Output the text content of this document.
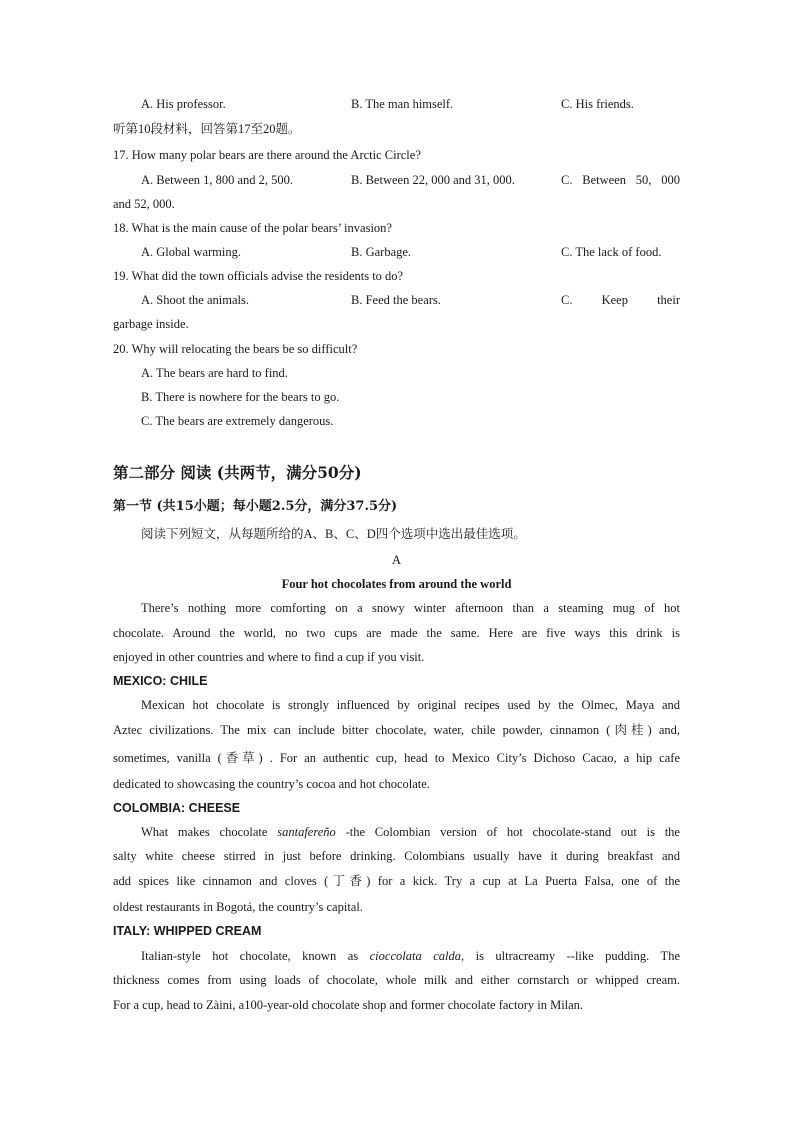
A. His professor.	B. The man himself.	C. His friends.
听第10段材料，回答第17至20题。
17. How many polar bears are there around the Arctic Circle?
A. Between 1, 800 and 2, 500.	B. Between 22, 000 and 31, 000.	C. Between 50, 000
and 52, 000.
18. What is the main cause of the polar bears’ invasion?
A. Global warming.	B. Garbage.	C. The lack of food.
19. What did the town officials advise the residents to do?
A. Shoot the animals.	B. Feed the bears.	C. Keep their
garbage inside.
20. Why will relocating the bears be so difficult?
A. The bears are hard to find.
B. There is nowhere for the bears to go.
C. The bears are extremely dangerous.
第二部分 阅读 (共两节，满分50分)
第一节 (共15小题；每小题2.5分，满分37.5分)
阅读下列短文，从每题所给的A、B、C、D四个选项中选出最佳选项。
A
Four hot chocolates from around the world
There’s nothing more comforting on a snowy winter afternoon than a steaming mug of hot
chocolate. Around the world, no two cups are made the same. Here are five ways this drink is
enjoyed in other countries and where to find a cup if you visit.
MEXICO: CHILE
Mexican hot chocolate is strongly influenced by original recipes used by the Olmec, Maya and
Aztec civilizations. The mix can include bitter chocolate, water, chile powder, cinnamon (肉桂) and,
sometimes, vanilla (香草) . For an authentic cup, head to Mexico City’s Dichoso Cacao, a hip cafe
dedicated to showcasing the country’s cocoa and hot chocolate.
COLOMBIA: CHEESE
What makes chocolate santafereño -the Colombian version of hot chocolate-stand out is the
salty white cheese stirred in just before drinking. Colombians usually have it during breakfast and
add spices like cinnamon and cloves (丁香) for a kick. Try a cup at La Puerta Falsa, one of the
oldest restaurants in Bogotá, the country’s capital.
ITALY: WHIPPED CREAM
Italian-style hot chocolate, known as cioccolata calda, is ultracreamy --like pudding. The
thickness comes from using loads of chocolate, whole milk and either cornstarch or whipped cream.
For a cup, head to Zàini, a100-year-old chocolate shop and former chocolate factory in Milan.
